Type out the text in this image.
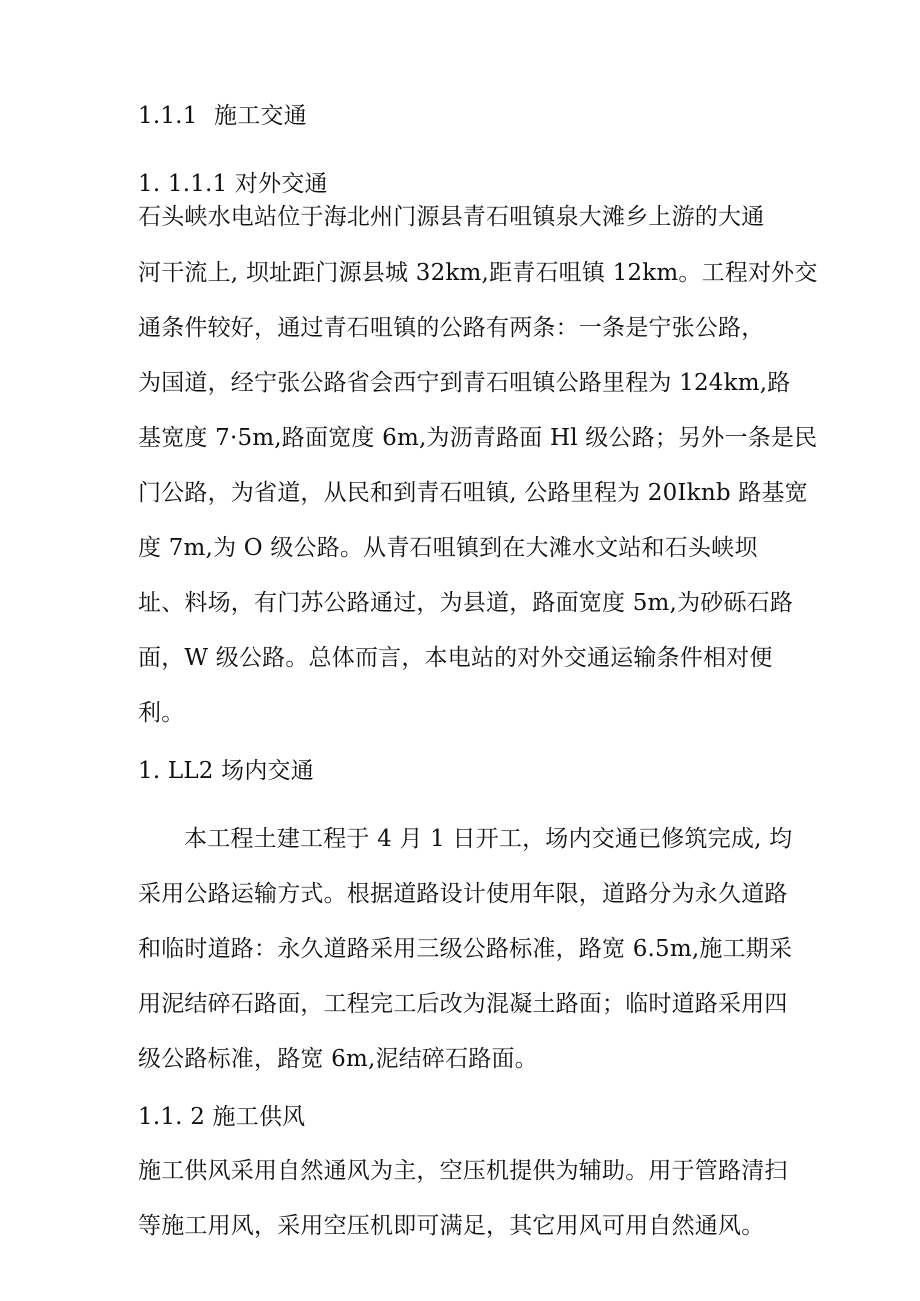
1.1.1 施工交通
1. 1.1.1 对外交通
石头峡水电站位于海北州门源县青石咀镇泉大滩乡上游的大通
河干流上, 坝址距门源县城 32km,距青石咀镇 12km。工程对外交
通条件较好，通过青石咀镇的公路有两条：一条是宁张公路，
为国道，经宁张公路省会西宁到青石咀镇公路里程为 124km,路
基宽度 7·5m,路面宽度 6m,为沥青路面 Hl 级公路；另外一条是民
门公路，为省道，从民和到青石咀镇, 公路里程为 20Iknb 路基宽
度 7m,为 O 级公路。从青石咀镇到在大滩水文站和石头峡坝
址、料场，有门苏公路通过，为县道，路面宽度 5m,为砂砾石路
面，W 级公路。总体而言，本电站的对外交通运输条件相对便
利。
1. LL2 场内交通
本工程土建工程于 4 月 1 日开工，场内交通已修筑完成, 均
采用公路运输方式。根据道路设计使用年限，道路分为永久道路
和临时道路：永久道路采用三级公路标准，路宽 6.5m,施工期采
用泥结碎石路面，工程完工后改为混凝土路面；临时道路采用四
级公路标准，路宽 6m,泥结碎石路面。
1.1. 2 施工供风
施工供风采用自然通风为主，空压机提供为辅助。用于管路清扫
等施工用风，采用空压机即可满足，其它用风可用自然通风。
